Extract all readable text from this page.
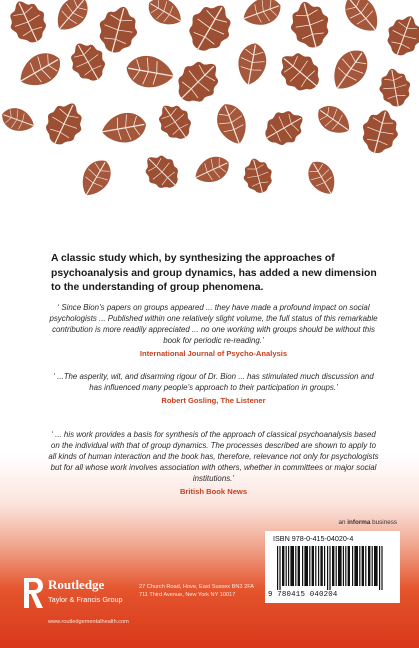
A classic study which, by synthesizing the approaches of psychoanalysis and group dynamics, has added a new dimension to the understanding of group phenomena.
‘ Since Bion’s papers on groups appeared ... they have made a profound impact on social psychologists ... Published within one relatively slight volume, the full status of this remarkable contribution is more readily appreciated ... no one working with groups should be without this book for periodic re-reading.’
International Journal of Psycho-Analysis
‘ ...The asperity, wit, and disarming rigour of Dr. Bion ... has stimulated much discussion and has influenced many people’s approach to their participation in groups.’
Robert Gosling, The Listener
‘ ... his work provides a basis for synthesis of the approach of classical psychoanalysis based on the individual with that of group dynamics. The processes described are shown to apply to all kinds of human interaction and the book has, therefore, relevance not only for psychologists but for all whose work involves association with others, whether in committees or major social institutions.’
British Book News
an informa business
ISBN 978-0-415-04020-4
9 780415 040204
Routledge
Taylor & Francis Group
27 Church Road, Hove, East Sussex BN3 2FA
711 Third Avenue, New York NY 10017
www.routledgementalhealth.com
